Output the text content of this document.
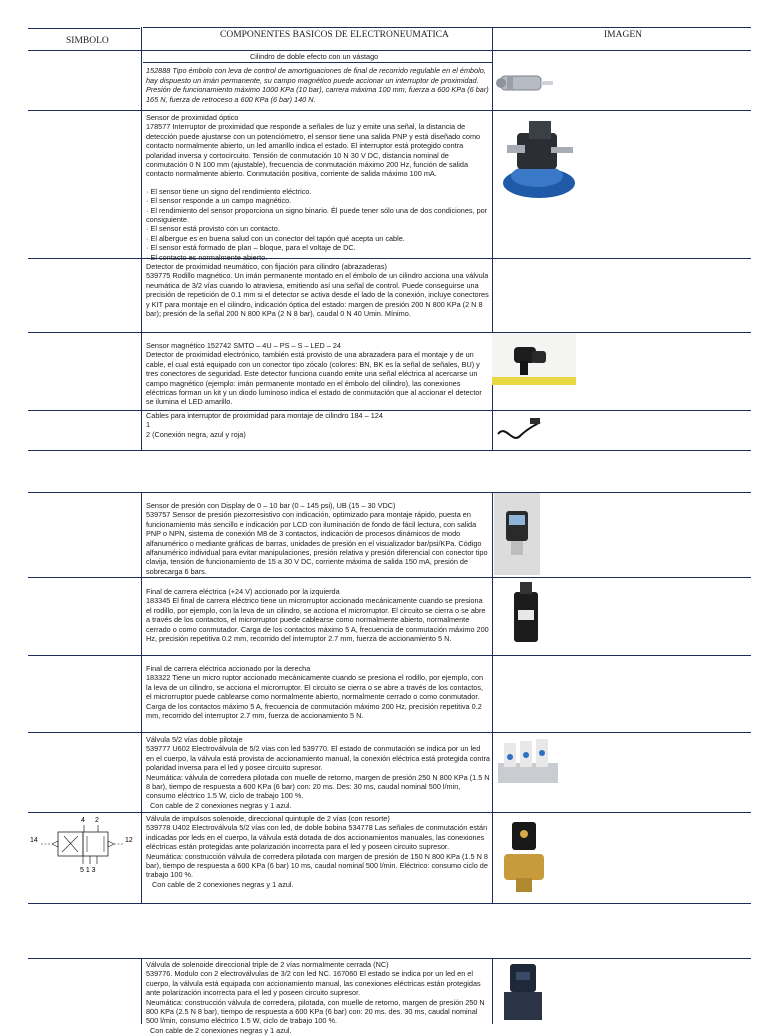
SIMBOLO
COMPONENTES BASICOS DE ELECTRONEUMATICA	IMAGEN
Cilindro de doble efecto con un vástago

152888 Tipo émbolo con leva de control de amortiguaciones de final de recorrido regulable en el émbolo, hay dispuesto un imán permanente, su campo magnético puede accionar un interruptor de proximidad. Presión de funcionamiento máximo 1000 KPa (10 bar), carrera máxima 100 mm, fuerza a 600 KPa (6 bar) 165 N, fuerza de retroceso a 600 KPa (6 bar) 140 N.

Sensor de proximidad óptico

178577 Interruptor de proximidad que responde a señales de luz y emite una señal, la distancia de detección puede ajustarse con un potenciómetro, el sensor tiene una salida PNP y está diseñado como contacto normalmente abierto, un led amarillo indica el estado. El interruptor está protegido contra polaridad inversa y cortocircuito. Tensión de conmutación 10 N 30 V DC, distancia nominal de conmutación 0 N 100 mm (ajustable), frecuencia de conmutación máximo 200 Hz, función de salida contacto normalmente abierto. Conmutación positiva, corriente de salida máximo 100 mA.

· El sensor tiene un signo del rendimiento eléctrico.

· El sensor responde a un campo magnético.

· El rendimiento del sensor proporciona un signo binario. Él puede tener sólo una de dos condiciones, por consiguiente.

· El sensor está provisto con un contacto.

· El albergue es en buena salud con un conector del tapón qué acepta un cable.

· El sensor está formado de plan – bloque, para el voltaje de DC.

· El contacto es normalmente abierto.

Detector de proximidad neumático, con fijación para cilindro (abrazaderas)

539775 Rodillo magnético. Un imán permanente montado en el émbolo de un cilindro acciona una válvula neumática de 3/2 vías cuando lo atraviesa, emitiendo así una señal de control. Puede conseguirse una precisión de repetición de 0.1 mm si el detector se activa desde el lado de la conexión, incluye conectores y KIT para montaje en el cilindro, indicación óptica del estado: margen de presión 200 N 800 KPa (2 N 8 bar); presión de la señal 200 N 800 KPa (2 N 8 bar), caudal 0 N 40 Umin. Mínimo.

Sensor magnético 152742 SMTO – 4U – PS – S – LED – 24

Detector de proximidad electrónico, también está provisto de una abrazadera para el montaje y de un cable, el cual está equipado con un conector tipo zócalo (colores: BN, BK es la señal de señales, BU) y tres conectores de seguridad. Este detector funciona cuando emite una señal eléctrica al acercarse un campo magnético (ejemplo: imán permanente montado en el émbolo del cilindro), las conexiones eléctricas forman un kit y un diodo luminoso indica el estado de conmutación que al accionar el detector se ilumina el LED amarillo.

Cables para interruptor de proximidad para montaje de cilindro 184 – 124

1

2 (Conexión negra, azul y roja)

Sensor de presión con Display de 0 – 10 bar (0 – 145 psi), UB (15 – 30 VDC)

539757 Sensor de presión piezorresistivo con indicación, optimizado para montaje rápido, puesta en funcionamiento más sencillo e indicación por LCD con iluminación de fondo de fácil lectura, con salida PNP o NPN, sistema de conexión M8 de 3 contactos, indicación de procesos dinámicos de modo alfanumérico o mediante gráficas de barras, unidades de presión en el visualizador bar/psi/KPa. Código alfanumérico individual para evitar manipulaciones, presión relativa y presión diferencial con conector tipo clavija, tensión de funcionamiento de 15 a 30 V DC, corriente máxima de salida 150 mA, presión de sobrecarga 6 bars.

Final de carrera eléctrica (+24 V) accionado por la izquierda

183345 El final de carrera eléctrico tiene un microrruptor accionado mecánicamente cuando se presiona el rodillo, por ejemplo, con la leva de un cilindro, se acciona el microrruptor. El circuito se cierra o se abre a través de los contactos, el microrruptor puede cablearse como normalmente abierto, normalmente cerrado o como conmutador. Carga de los contactos máximo 5 A, frecuencia de conmutación máximo 200 Hz, precisión repetitiva 0.2 mm, recorrido del interruptor 2.7 mm, fuerza de accionamiento 5 N.

Final de carrera eléctrica accionado por la derecha

183322 Tiene un micro ruptor accionado mecánicamente cuando se presiona el rodillo, por ejemplo, con la leva de un cilindro, se acciona el microrruptor. El circuito se cierra o se abre a través de los contactos, el microrruptor puede cablearse como normalmente abierto, normalmente cerrado o como conmutador. Carga de los contactos máximo 5 A, frecuencia de conmutación máximo 200 Hz, precisión repetitiva 0.2 mm, recorrido del interruptor 2.7 mm, fuerza de accionamiento 5 N.

Válvula 5/2 vías doble pilotaje

539777 U602 Electroválvula de 5/2 vías con led 539770. El estado de conmutación se indica por un led en el cuerpo, la válvula está provista de accionamiento manual, la conexión eléctrica está protegida contra polaridad inversa para el led y posee circuito supresor.

Neumática: válvula de corredera pilotada con muelle de retorno, margen de presión 250 N 800 KPa (1.5 N 8 bar), tiempo de respuesta a 600 KPa (6 bar) con: 20 ms. Des: 30 ms, caudal nominal 500 l/min, consumo eléctrico 1.5 W, ciclo de trabajo 100 %.

Con cable de 2 conexiones negras y 1 azul.

Válvula de impulsos solenoide, direccional quintuple de 2 vías (con resorte)

539778 U402 Electroválvula 5/2 vías con led, de doble bobina 534778 Las señales de conmutación están indicadas por leds en el cuerpo, la válvula está dotada de dos accionamientos manuales, las conexiones eléctricas están protegidas ante polarización incorrecta para el led y poseen circuito supresor.

Neumática: construcción válvula de corredera pilotada con margen de presión de 150 N 800 KPa (1.5 N 8 bar), tiempo de respuesta a 600 KPa (6 bar) 10 ms, caudal nominal 500 l/min. Eléctrico: consumo ciclo de trabajo 100 %.

Con cable de 2 conexiones negras y 1 azul.

Válvula de solenoide direccional triple de 2 vías normalmente cerrada (NC)

539776. Modulo con 2 electroválvulas de 3/2 con led NC. 167060 El estado se indica por un led en el cuerpo, la válvula está equipada con accionamiento manual, las conexiones eléctricas están protegidas ante polarización incorrecta para el led y poseen circuito supresor.

Neumática: construcción válvula de corredera, pilotada, con muelle de retorno, margen de presión 250 N 800 KPa (2.5 N 8 bar), tiempo de respuesta a 600 KPa (6 bar) con: 20 ms. des. 30 ms, caudal nominal 500 l/min, consumo eléctrico 1.5 W, ciclo de trabajo 100 %.

Con cable de 2 conexiones negras y 1 azul.

4 2
14	12
5 1 3
